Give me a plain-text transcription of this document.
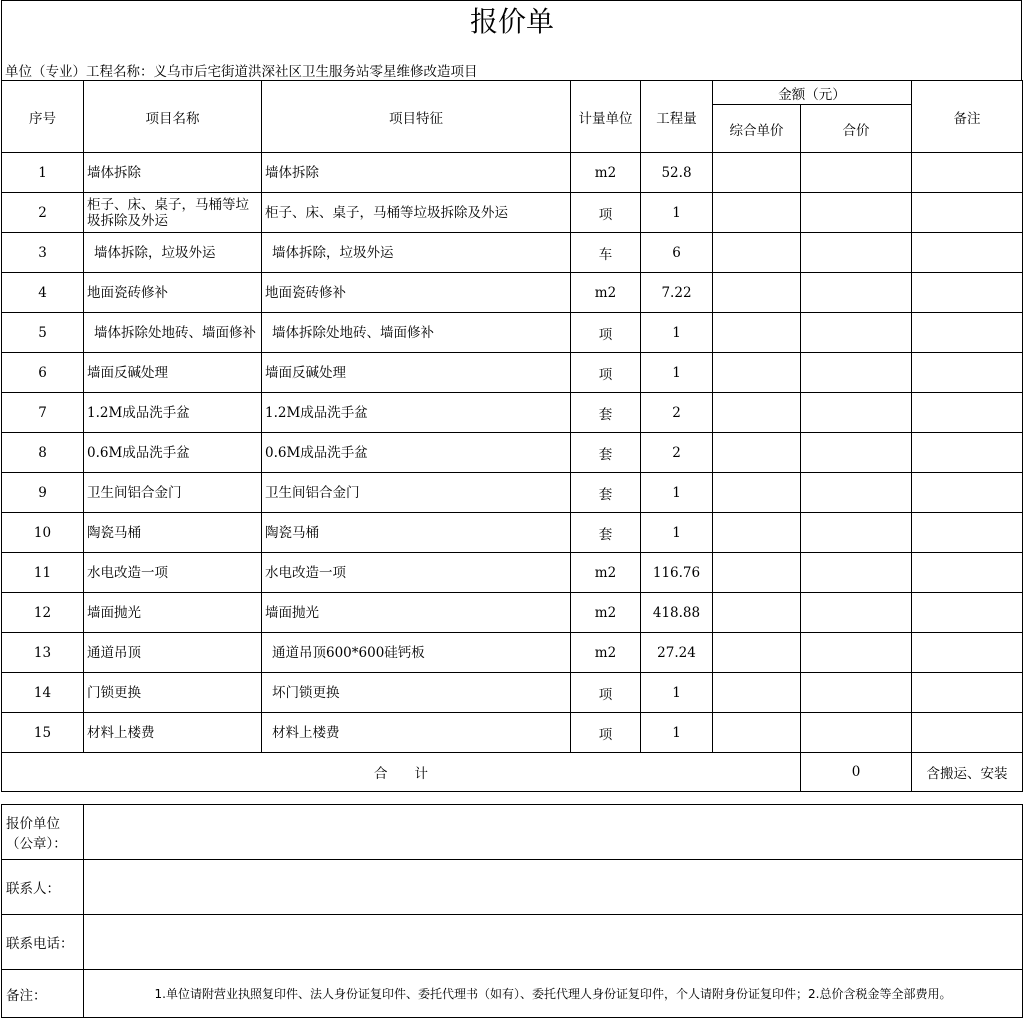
报价单
单位（专业）工程名称：义乌市后宅街道洪深社区卫生服务站零星维修改造项目
序号	项目名称	项目特征	计量单位	工程量	金额（元）		备注
					综合单价	合价	
1	墙体拆除	墙体拆除	m2	52.8			
2	柜子、床、桌子，马桶等垃圾拆除及外运	柜子、床、桌子，马桶等垃圾拆除及外运	项	1			
3	墙体拆除，垃圾外运	墙体拆除，垃圾外运	车	6			
4	地面瓷砖修补	地面瓷砖修补	m2	7.22			
5	墙体拆除处地砖、墙面修补	墙体拆除处地砖、墙面修补	项	1			
6	墙面反碱处理	墙面反碱处理	项	1			
7	1.2M成品洗手盆	1.2M成品洗手盆	套	2			
8	0.6M成品洗手盆	0.6M成品洗手盆	套	2			
9	卫生间铝合金门	卫生间铝合金门	套	1			
10	陶瓷马桶	陶瓷马桶	套	1			
11	水电改造一项	水电改造一项	m2	116.76			
12	墙面抛光	墙面抛光	m2	418.88			
13	通道吊顶	通道吊顶600*600硅钙板	m2	27.24			
14	门锁更换	坏门锁更换	项	1			
15	材料上楼费	材料上楼费	项	1			
合　　计						0	含搬运、安装
报价单位（公章）：	
联系人：	
联系电话：	
备注：	1.单位请附营业执照复印件、法人身份证复印件、委托代理书（如有）、委托代理人身份证复印件，个人请附身份证复印件；2.总价含税金等全部费用。
